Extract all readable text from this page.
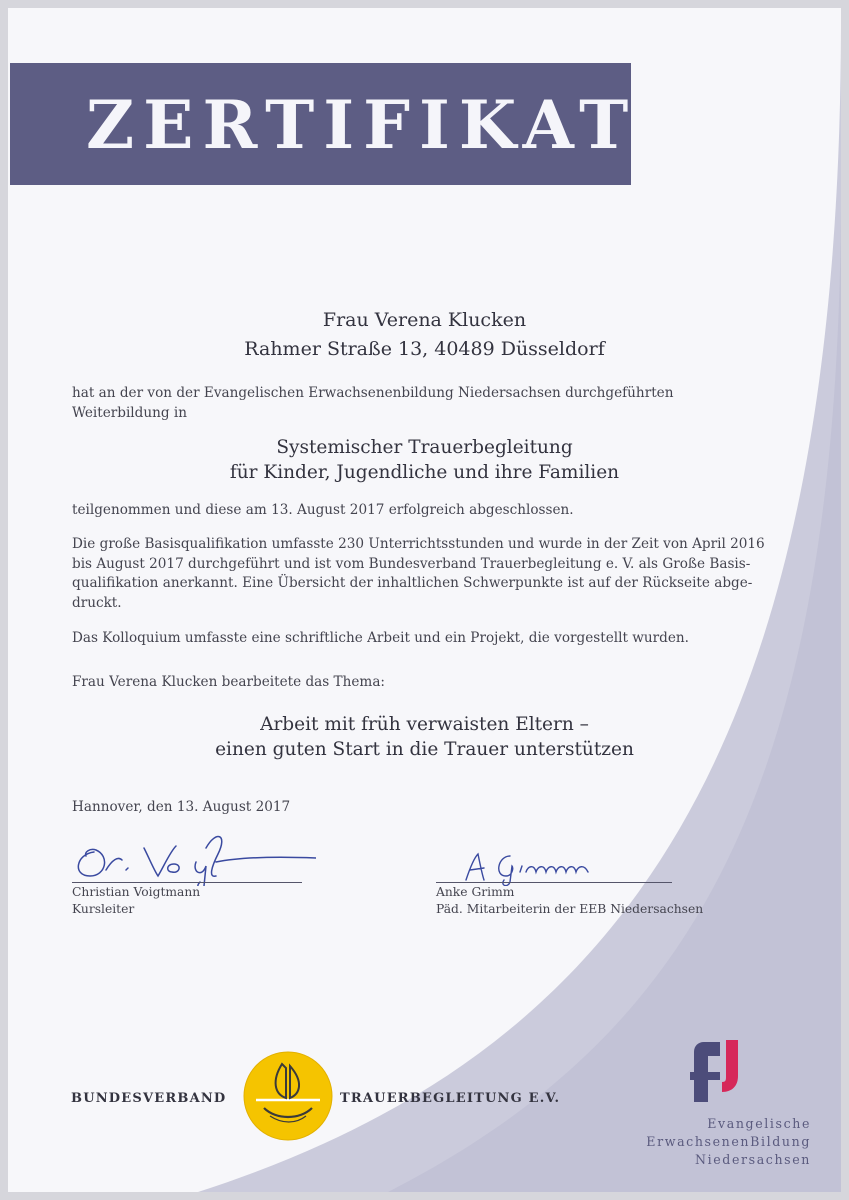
ZERTIFIKAT
Frau Verena Klucken
Rahmer Straße 13, 40489 Düsseldorf
hat an der von der Evangelischen Erwachsenenbildung Niedersachsen durchgeführten
Weiterbildung in
Systemischer Trauerbegleitung
für Kinder, Jugendliche und ihre Familien
teilgenommen und diese am 13. August 2017 erfolgreich abgeschlossen.
Die große Basisqualifikation umfasste 230 Unterrichtsstunden und wurde in der Zeit von April 2016
bis August 2017 durchgeführt und ist vom Bundesverband Trauerbegleitung e. V. als Große Basis-
qualifikation anerkannt. Eine Übersicht der inhaltlichen Schwerpunkte ist auf der Rückseite abge-
druckt.
Das Kolloquium umfasste eine schriftliche Arbeit und ein Projekt, die vorgestellt wurden.
Frau Verena Klucken bearbeitete das Thema:
Arbeit mit früh verwaisten Eltern –
einen guten Start in die Trauer unterstützen
Hannover, den 13. August 2017
Christian Voigtmann
Kursleiter
Anke Grimm
Päd. Mitarbeiterin der EEB Niedersachsen
BUNDESVERBAND	TRAUERBEGLEITUNG E.V.
Evangelische
ErwachsenenBildung
Niedersachsen
